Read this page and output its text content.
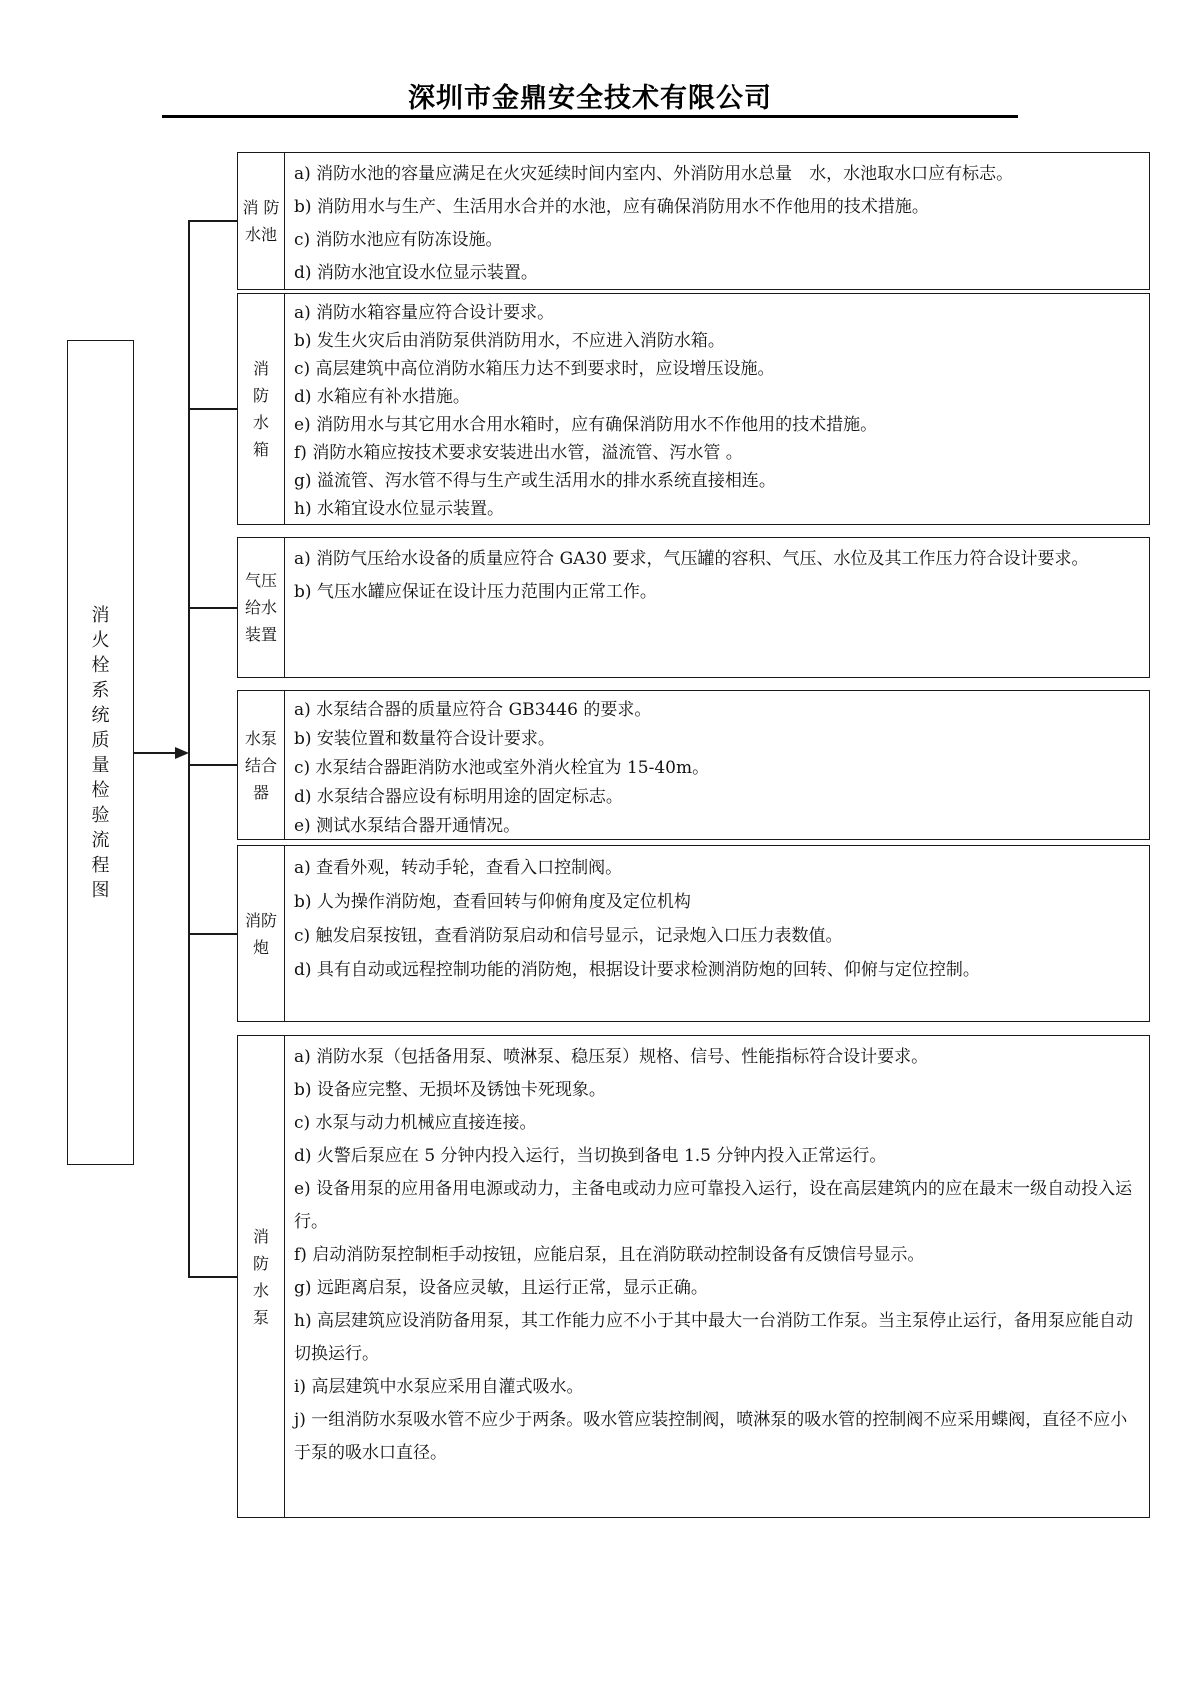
深圳市金鼎安全技术有限公司
消
火
栓
系
统
质
量
检
验
流
程
图
消 防
水池
a) 消防水池的容量应满足在火灾延续时间内室内、外消防用水总量　水，水池取水口应有标志。
b) 消防用水与生产、生活用水合并的水池，应有确保消防用水不作他用的技术措施。
c) 消防水池应有防冻设施。
d) 消防水池宜设水位显示装置。
消
防
水
箱
a) 消防水箱容量应符合设计要求。
b) 发生火灾后由消防泵供消防用水，不应进入消防水箱。
c) 高层建筑中高位消防水箱压力达不到要求时，应设增压设施。
d) 水箱应有补水措施。
e) 消防用水与其它用水合用水箱时，应有确保消防用水不作他用的技术措施。
f) 消防水箱应按技术要求安装进出水管，溢流管、泻水管 。
g) 溢流管、泻水管不得与生产或生活用水的排水系统直接相连。
h) 水箱宜设水位显示装置。
气压
给水
装置
a) 消防气压给水设备的质量应符合 GA30 要求，气压罐的容积、气压、水位及其工作压力符合设计要求。
b) 气压水罐应保证在设计压力范围内正常工作。
水泵
结合
器
a) 水泵结合器的质量应符合 GB3446 的要求。
b) 安装位置和数量符合设计要求。
c) 水泵结合器距消防水池或室外消火栓宜为 15-40m。
d) 水泵结合器应设有标明用途的固定标志。
e) 测试水泵结合器开通情况。
消防
炮
a) 查看外观，转动手轮，查看入口控制阀。
b) 人为操作消防炮，查看回转与仰俯角度及定位机构
c) 触发启泵按钮，查看消防泵启动和信号显示，记录炮入口压力表数值。
d) 具有自动或远程控制功能的消防炮，根据设计要求检测消防炮的回转、仰俯与定位控制。
消
防
水
泵
a) 消防水泵（包括备用泵、喷淋泵、稳压泵）规格、信号、性能指标符合设计要求。
b) 设备应完整、无损坏及锈蚀卡死现象。
c) 水泵与动力机械应直接连接。
d) 火警后泵应在 5 分钟内投入运行，当切换到备电 1.5 分钟内投入正常运行。
e) 设备用泵的应用备用电源或动力，主备电或动力应可靠投入运行，设在高层建筑内的应在最末一级自动投入运行。
f) 启动消防泵控制柜手动按钮，应能启泵，且在消防联动控制设备有反馈信号显示。
g) 远距离启泵，设备应灵敏，且运行正常，显示正确。
h) 高层建筑应设消防备用泵，其工作能力应不小于其中最大一台消防工作泵。当主泵停止运行，备用泵应能自动切换运行。
i) 高层建筑中水泵应采用自灌式吸水。
j) 一组消防水泵吸水管不应少于两条。吸水管应装控制阀，喷淋泵的吸水管的控制阀不应采用蝶阀，直径不应小于泵的吸水口直径。
